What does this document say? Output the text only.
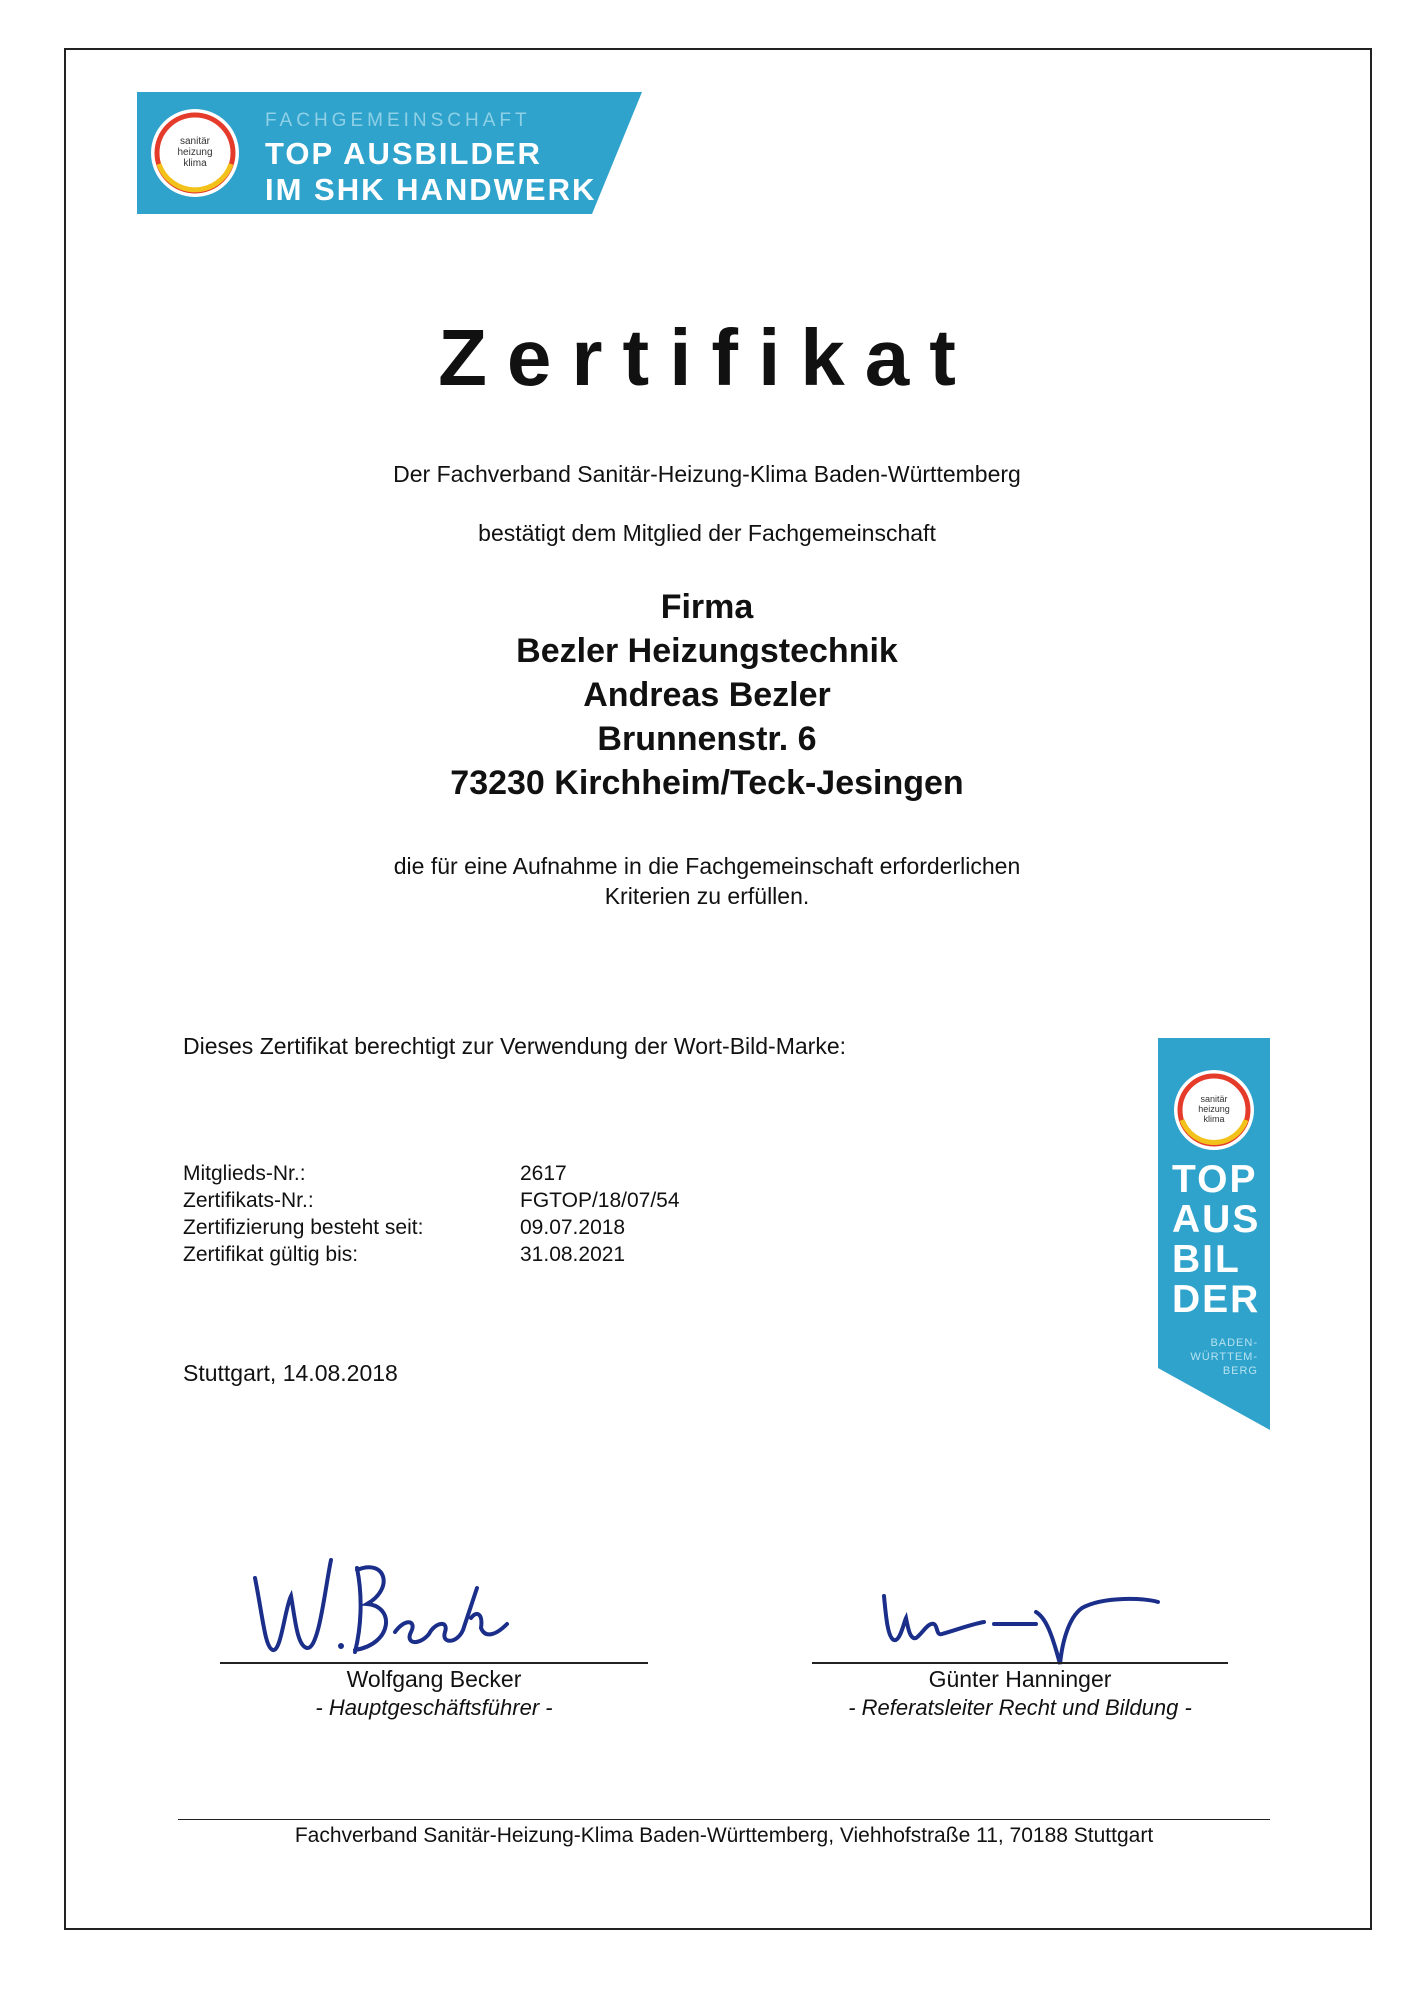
sanitär
heizung
klima
FACHGEMEINSCHAFT
TOP AUSBILDER
IM SHK HANDWERK
Zertifikat
Der Fachverband Sanitär-Heizung-Klima Baden-Württemberg
bestätigt dem Mitglied der Fachgemeinschaft
Firma
Bezler Heizungstechnik
Andreas Bezler
Brunnenstr. 6
73230 Kirchheim/Teck-Jesingen
die für eine Aufnahme in die Fachgemeinschaft erforderlichen
Kriterien zu erfüllen.
Dieses Zertifikat berechtigt zur Verwendung der Wort-Bild-Marke:
Mitglieds-Nr.:	2617
Zertifikats-Nr.:	FGTOP/18/07/54
Zertifizierung besteht seit:	09.07.2018
Zertifikat gültig bis:	31.08.2021
Stuttgart, 14.08.2018
sanitär
heizung
klima
TOP
AUS
BIL
DER
BADEN-
WÜRTTEM-
BERG
Wolfgang Becker
- Hauptgeschäftsführer -
Günter Hanninger
- Referatsleiter Recht und Bildung -
Fachverband Sanitär-Heizung-Klima Baden-Württemberg, Viehhofstraße 11, 70188 Stuttgart
